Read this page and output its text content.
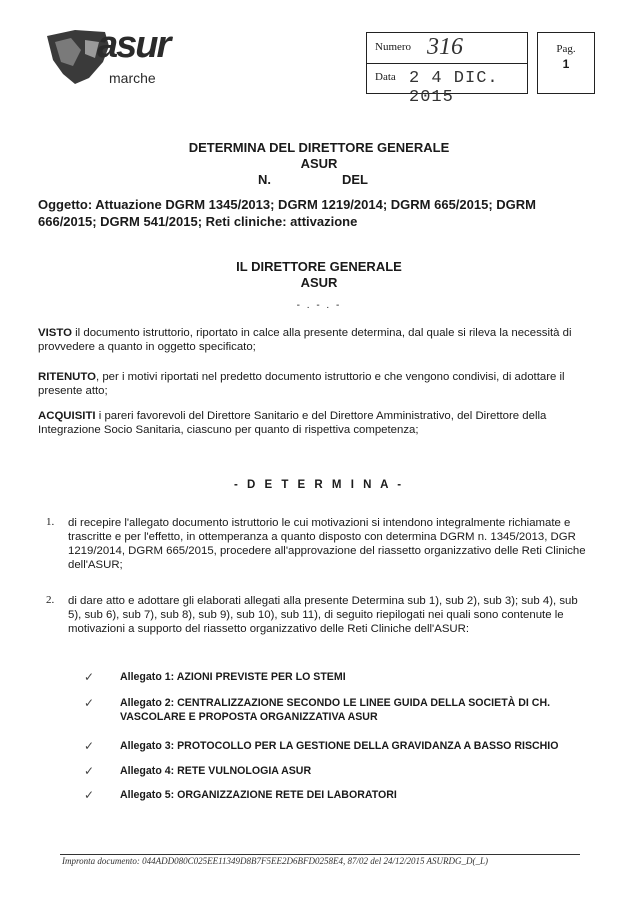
asur
marche
Numero 316
Data 2 4 DIC. 2015
Pag.
1
DETERMINA DEL DIRETTORE GENERALE
ASUR
N.	DEL
Oggetto: Attuazione DGRM 1345/2013; DGRM 1219/2014; DGRM 665/2015; DGRM 666/2015; DGRM 541/2015; Reti cliniche: attivazione
IL DIRETTORE GENERALE
ASUR
- . - . -
VISTO il documento istruttorio, riportato in calce alla presente determina, dal quale si rileva la necessità di provvedere a quanto in oggetto specificato;
RITENUTO, per i motivi riportati nel predetto documento istruttorio e che vengono condivisi, di adottare il presente atto;
ACQUISITI i pareri favorevoli del Direttore Sanitario e del Direttore Amministrativo, del Direttore della Integrazione Socio Sanitaria, ciascuno per quanto di rispettiva competenza;
- D E T E R M I N A -
1. di recepire l'allegato documento istruttorio le cui motivazioni si intendono integralmente richiamate e trascritte e per l'effetto, in ottemperanza a quanto disposto con determina DGRM n. 1345/2013, DGR 1219/2014, DGRM 665/2015, procedere all'approvazione del riassetto organizzativo delle Reti Cliniche dell'ASUR;
2. di dare atto e adottare gli elaborati allegati alla presente Determina sub 1), sub 2), sub 3); sub 4), sub 5), sub 6), sub 7), sub 8), sub 9), sub 10), sub 11), di seguito riepilogati nei quali sono contenute le motivazioni a supporto del riassetto organizzativo delle Reti Cliniche dell'ASUR:
✓ Allegato 1: AZIONI PREVISTE PER LO STEMI
✓ Allegato 2: CENTRALIZZAZIONE SECONDO LE LINEE GUIDA DELLA SOCIETÀ DI CH. VASCOLARE E PROPOSTA ORGANIZZATIVA ASUR
✓ Allegato 3: PROTOCOLLO PER LA GESTIONE DELLA GRAVIDANZA A BASSO RISCHIO
✓ Allegato 4: RETE VULNOLOGIA ASUR
✓ Allegato 5: ORGANIZZAZIONE RETE DEI LABORATORI
Impronta documento: 044ADD080C025EE11349D8B7F5EE2D6BFD0258E4, 87/02 del 24/12/2015 ASURDG_D(_L)
